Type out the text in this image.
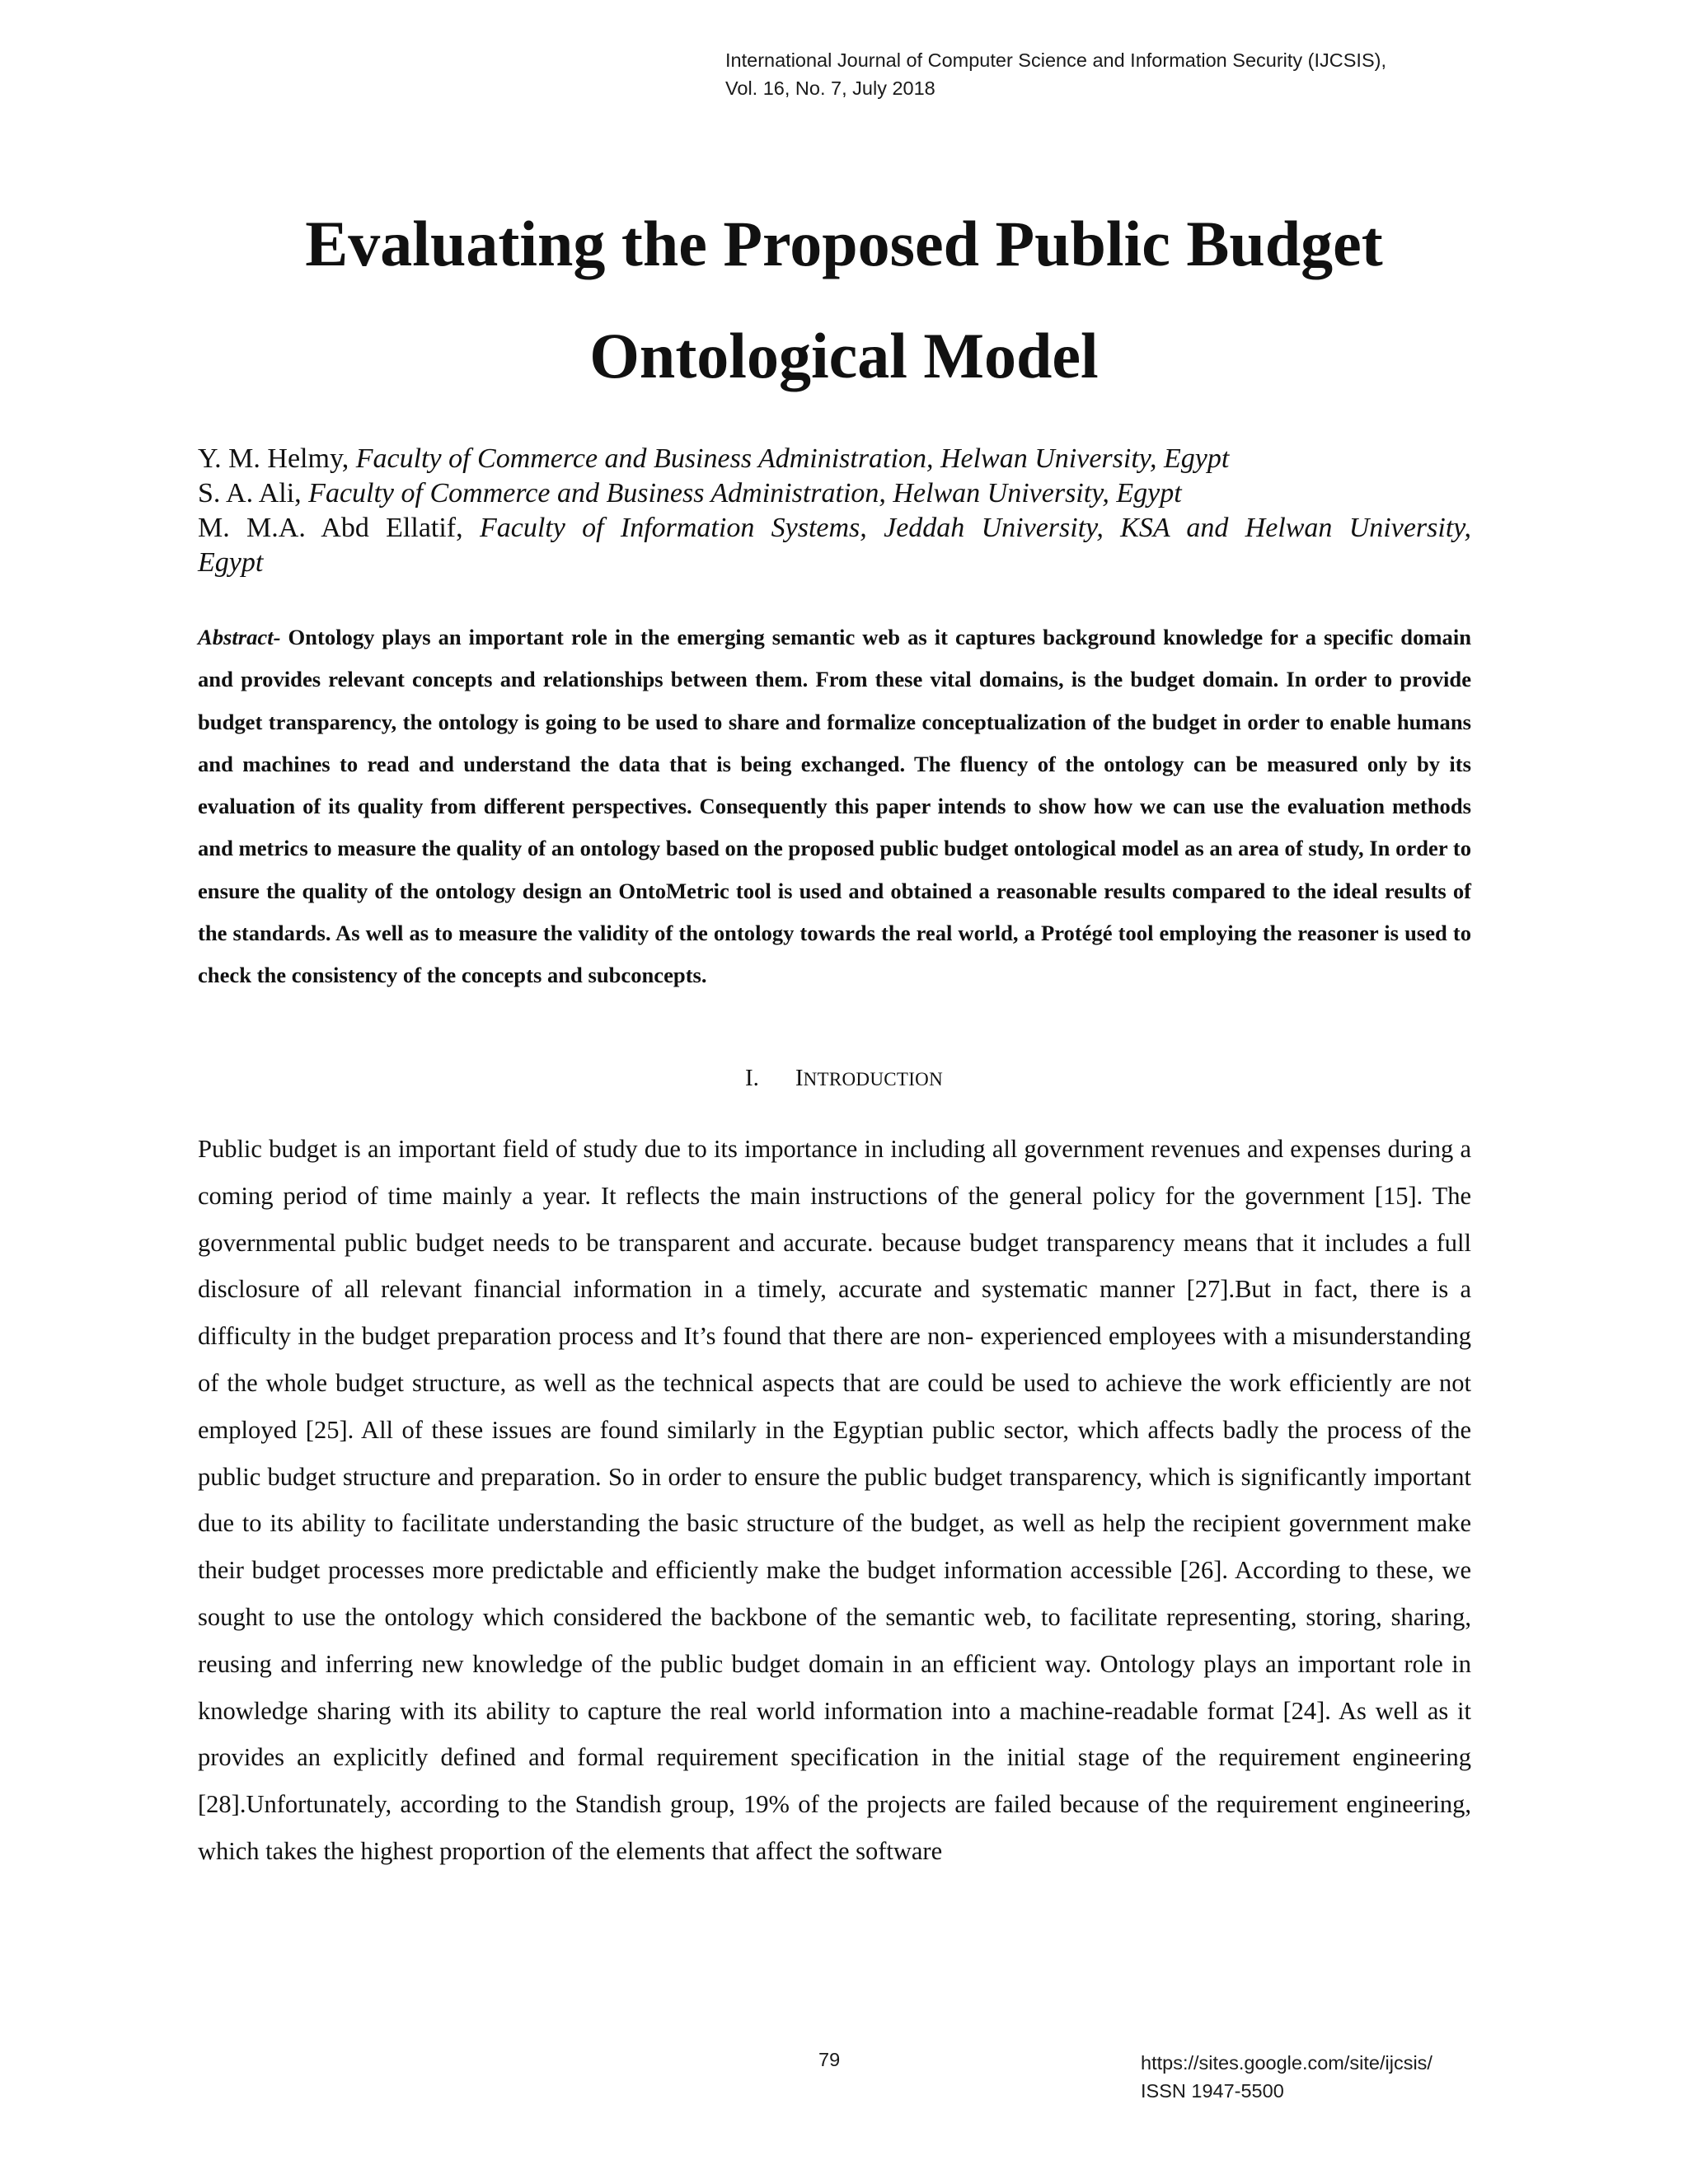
International Journal of Computer Science and Information Security (IJCSIS),
Vol. 16, No. 7, July 2018
Evaluating the Proposed Public Budget
Ontological Model
Y. M. Helmy, Faculty of Commerce and Business Administration, Helwan University, Egypt
S. A. Ali, Faculty of Commerce and Business Administration, Helwan University, Egypt
M. M.A. Abd Ellatif, Faculty of Information Systems, Jeddah University, KSA and Helwan University,
Egypt
Abstract- Ontology plays an important role in the emerging semantic web as it captures background knowledge for a specific domain and provides relevant concepts and relationships between them. From these vital domains, is the budget domain. In order to provide budget transparency, the ontology is going to be used to share and formalize conceptualization of the budget in order to enable humans and machines to read and understand the data that is being exchanged. The fluency of the ontology can be measured only by its evaluation of its quality from different perspectives. Consequently this paper intends to show how we can use the evaluation methods and metrics to measure the quality of an ontology based on the proposed public budget ontological model as an area of study, In order to ensure the quality of the ontology design an OntoMetric tool is used and obtained a reasonable results compared to the ideal results of the standards. As well as to measure the validity of the ontology towards the real world, a Protégé tool employing the reasoner is used to check the consistency of the concepts and subconcepts.
I. INTRODUCTION
Public budget is an important field of study due to its importance in including all government revenues and expenses during a coming period of time mainly a year. It reflects the main instructions of the general policy for the government [15]. The governmental public budget needs to be transparent and accurate. because budget transparency means that it includes a full disclosure of all relevant financial information in a timely, accurate and systematic manner [27].But in fact, there is a difficulty in the budget preparation process and It’s found that there are non- experienced employees with a misunderstanding of the whole budget structure, as well as the technical aspects that are could be used to achieve the work efficiently are not employed [25]. All of these issues are found similarly in the Egyptian public sector, which affects badly the process of the public budget structure and preparation. So in order to ensure the public budget transparency, which is significantly important due to its ability to facilitate understanding the basic structure of the budget, as well as help the recipient government make their budget processes more predictable and efficiently make the budget information accessible [26]. According to these, we sought to use the ontology which considered the backbone of the semantic web, to facilitate representing, storing, sharing, reusing and inferring new knowledge of the public budget domain in an efficient way. Ontology plays an important role in knowledge sharing with its ability to capture the real world information into a machine-readable format [24]. As well as it provides an explicitly defined and formal requirement specification in the initial stage of the requirement engineering [28].Unfortunately, according to the Standish group, 19% of the projects are failed because of the requirement engineering, which takes the highest proportion of the elements that affect the software
79	https://sites.google.com/site/ijcsis/
ISSN 1947-5500
